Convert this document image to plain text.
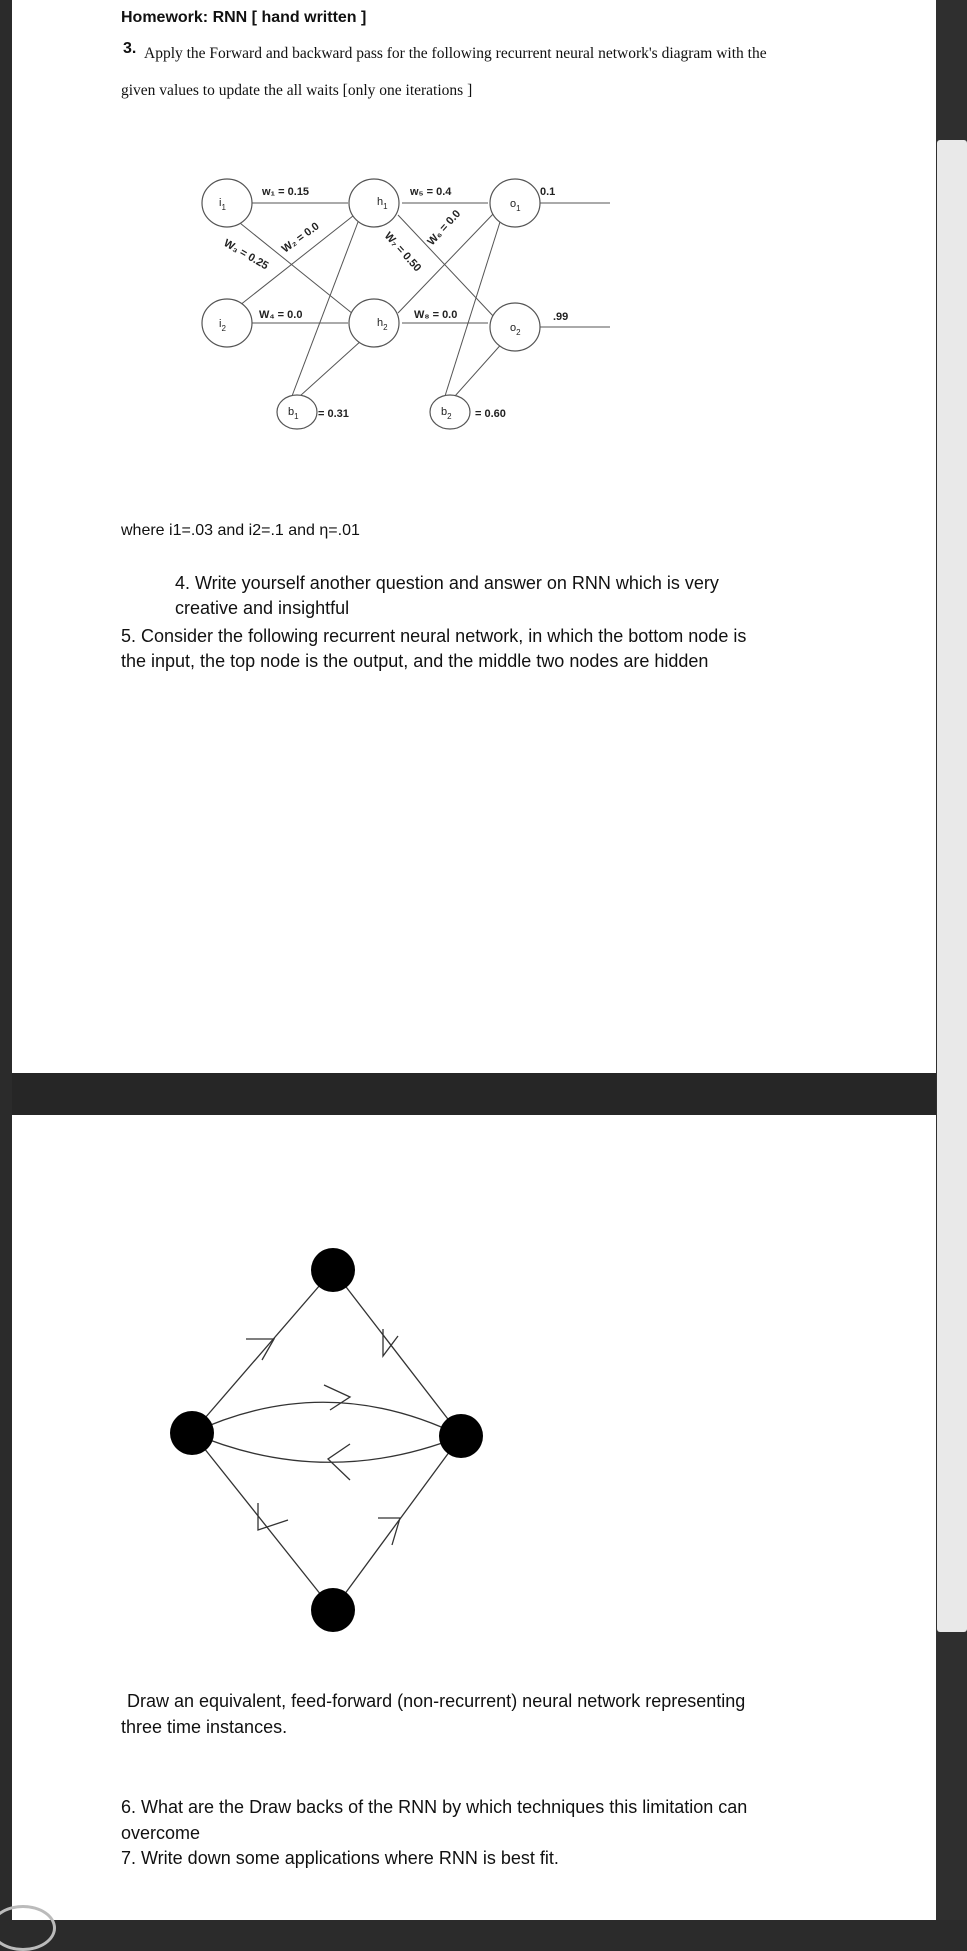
Homework: RNN [ hand written ]
3. Apply the Forward and backward pass for the following recurrent neural network's diagram with the
given values to update the all waits [only one iterations ]
$i_1$
$i_2$
$h_1$
$h_2$
$o_1$
$o_2$
$b_1$	$b_2$
w₁ = 0.15
W₂ = 0.0
W₃ = 0.25
W₄ = 0.0
w₅ = 0.4
W₆ = 0.0
W₇ = 0.50
W₈ = 0.0
= 0.31	= 0.60
0.1
.99
where i1=.03 and i2=.1 and η=.01
4. Write yourself another question and answer on RNN which is very
creative and insightful
5. Consider the following recurrent neural network, in which the bottom node is
the input, the top node is the output, and the middle two nodes are hidden
Draw an equivalent, feed-forward (non-recurrent) neural network representing
three time instances.
6. What are the Draw backs of the RNN by which techniques this limitation can
overcome
7. Write down some applications where RNN is best fit.
